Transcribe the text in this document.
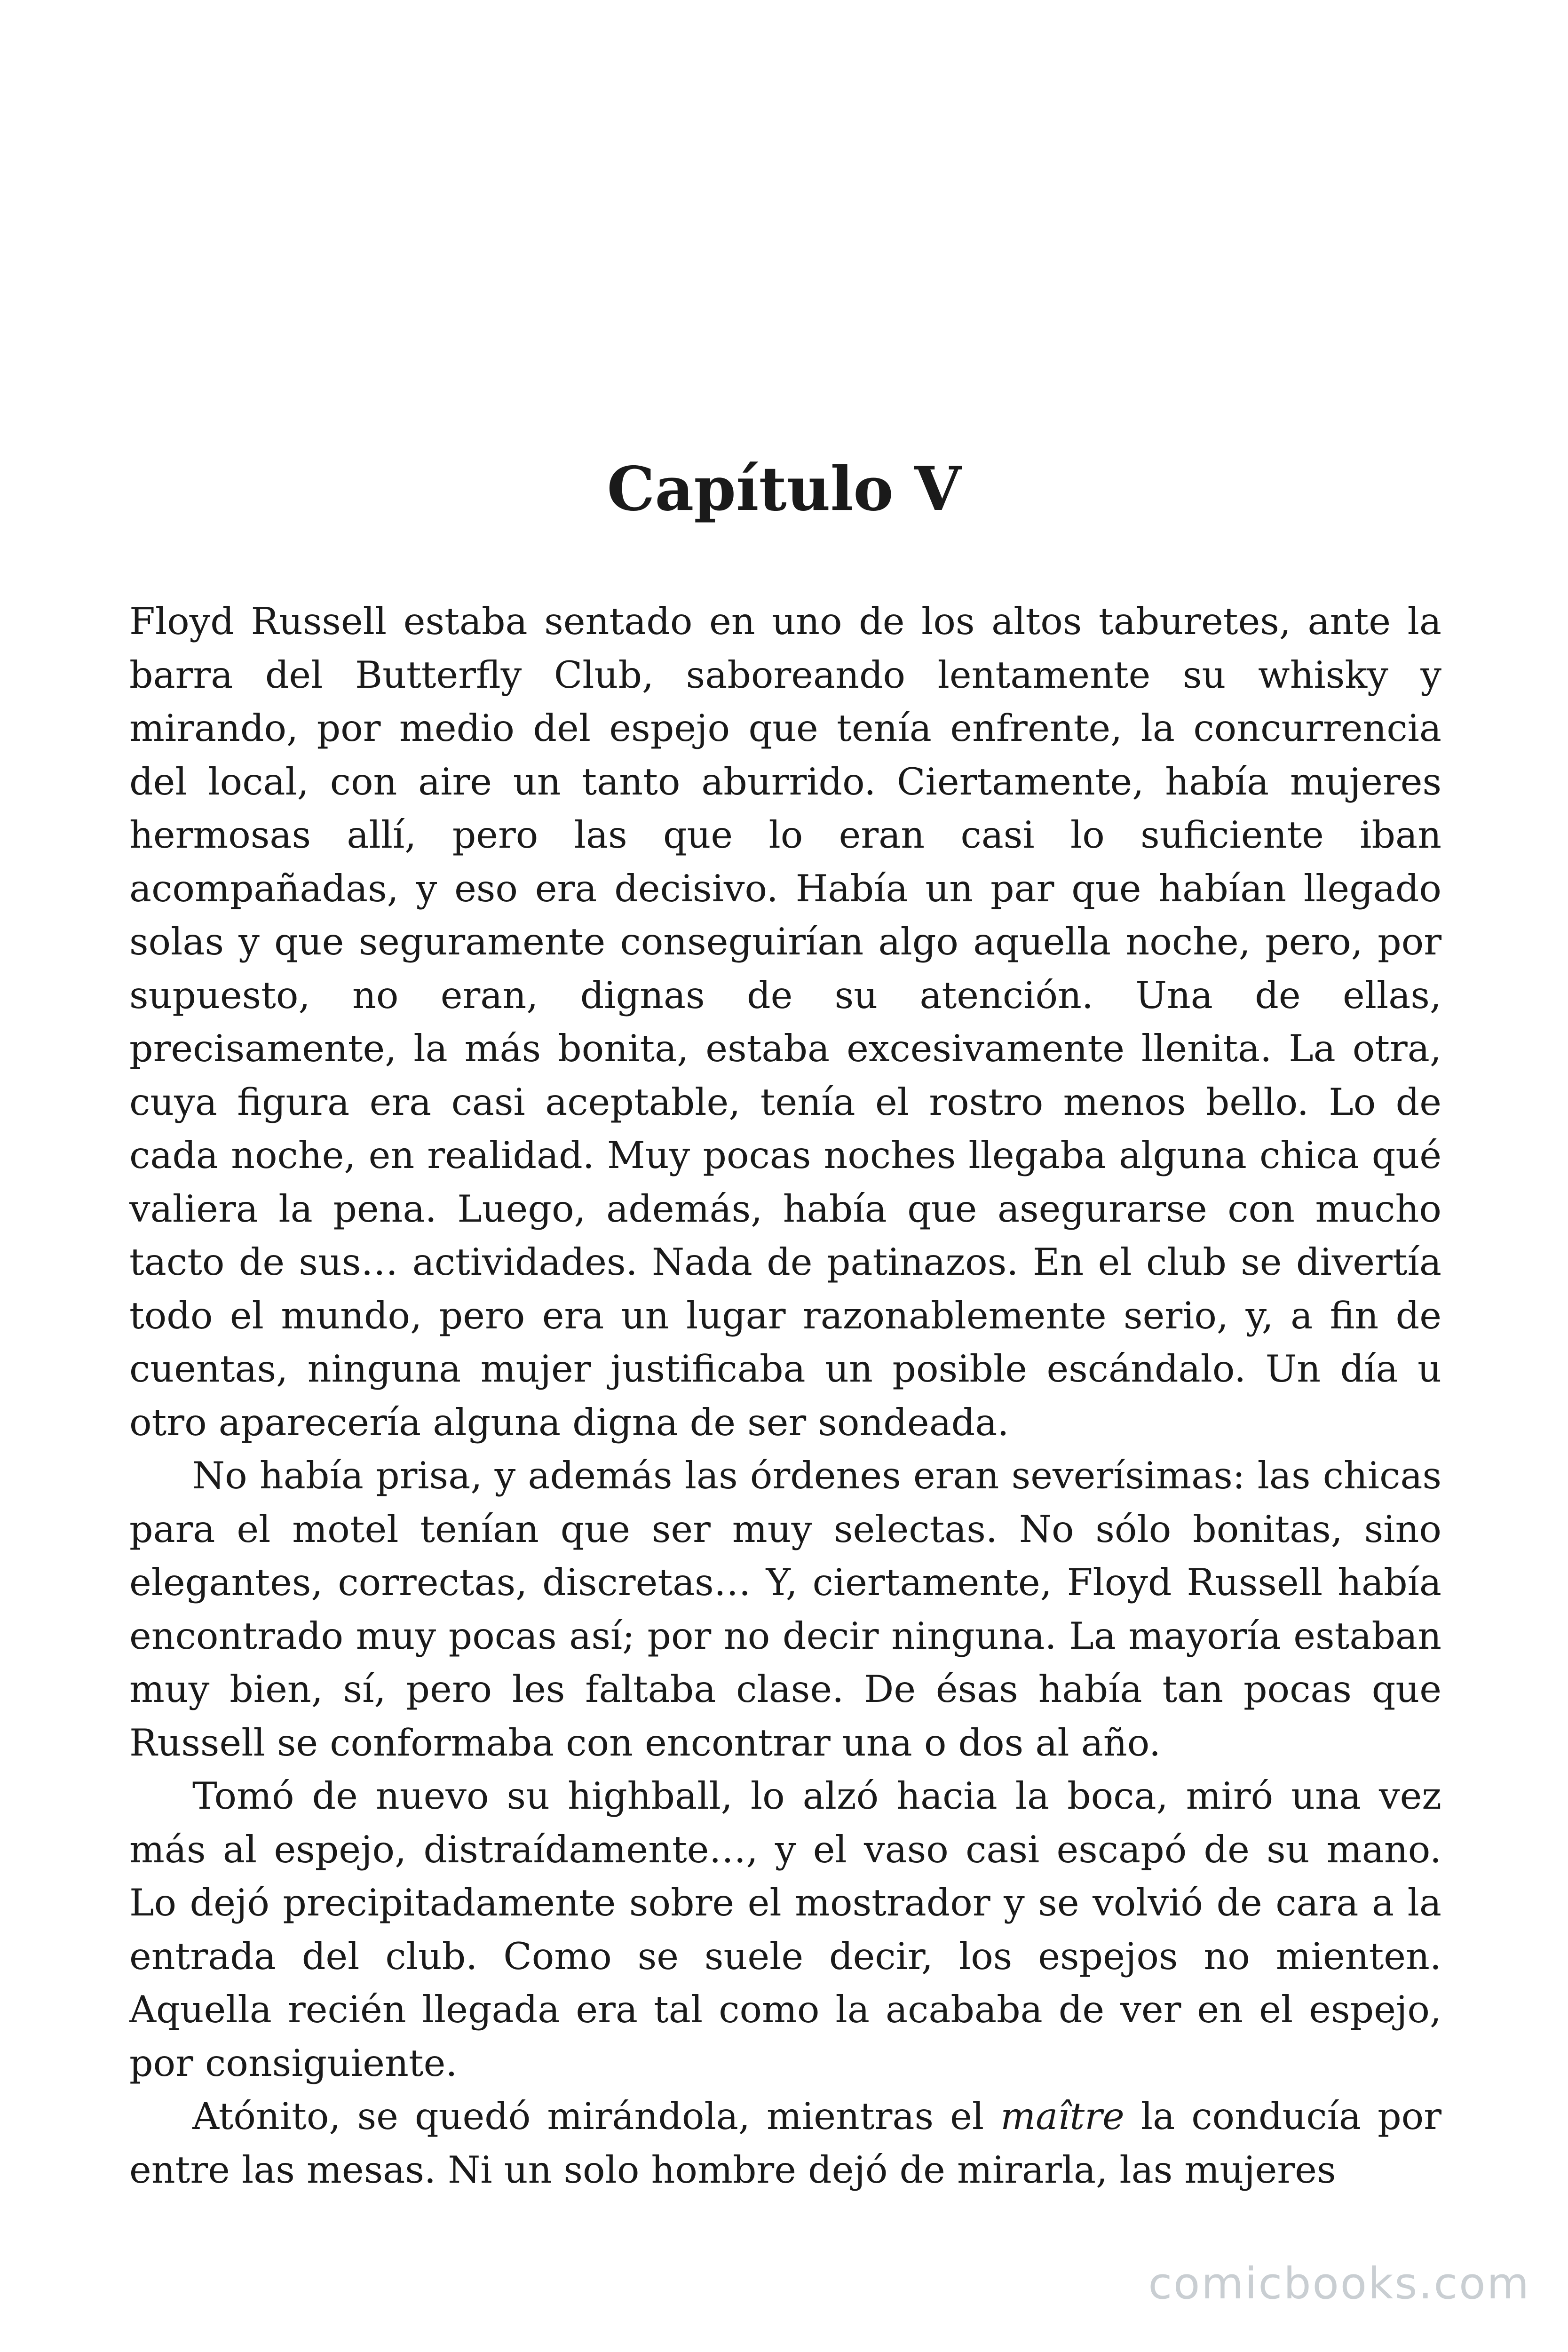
Capítulo V

Floyd Russell estaba sentado en uno de los altos taburetes, ante la barra del Butterfly Club, saboreando lentamente su whisky y mirando, por medio del espejo que tenía enfrente, la concurrencia del local, con aire un tanto aburrido. Ciertamente, había mujeres hermosas allí, pero las que lo eran casi lo suficiente iban acompañadas, y eso era decisivo. Había un par que habían llegado solas y que seguramente conseguirían algo aquella noche, pero, por supuesto, no eran, dignas de su atención. Una de ellas, precisamente, la más bonita, estaba excesivamente llenita. La otra, cuya figura era casi aceptable, tenía el rostro menos bello. Lo de cada noche, en realidad. Muy pocas noches llegaba alguna chica qué valiera la pena. Luego, además, había que asegurarse con mucho tacto de sus… actividades. Nada de patinazos. En el club se divertía todo el mundo, pero era un lugar razonablemente serio, y, a fin de cuentas, ninguna mujer justificaba un posible escándalo. Un día u otro aparecería alguna digna de ser sondeada.

No había prisa, y además las órdenes eran severísimas: las chicas para el motel tenían que ser muy selectas. No sólo bonitas, sino elegantes, correctas, discretas… Y, ciertamente, Floyd Russell había encontrado muy pocas así; por no decir ninguna. La mayoría estaban muy bien, sí, pero les faltaba clase. De ésas había tan pocas que Russell se conformaba con encontrar una o dos al año.

Tomó de nuevo su highball, lo alzó hacia la boca, miró una vez más al espejo, distraídamente…, y el vaso casi escapó de su mano. Lo dejó precipitadamente sobre el mostrador y se volvió de cara a la entrada del club. Como se suele decir, los espejos no mienten. Aquella recién llegada era tal como la acababa de ver en el espejo, por consiguiente.

Atónito, se quedó mirándola, mientras el maître la conducía por entre las mesas. Ni un solo hombre dejó de mirarla, las mujeres

comicbooks.com
